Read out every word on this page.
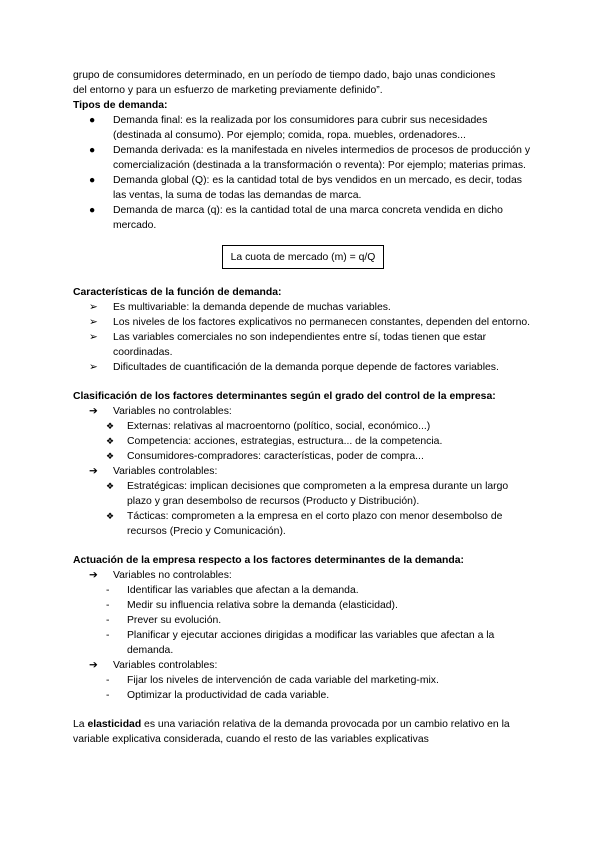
grupo de consumidores determinado, en un período de tiempo dado, bajo unas condiciones
del entorno y para un esfuerzo de marketing previamente definido”.

Tipos de demanda:

● Demanda final: es la realizada por los consumidores para cubrir sus necesidades (destinada al consumo). Por ejemplo; comida, ropa. muebles, ordenadores...
● Demanda derivada: es la manifestada en niveles intermedios de procesos de producción y comercialización (destinada a la transformación o reventa): Por ejemplo; materias primas.
● Demanda global (Q): es la cantidad total de bys vendidos en un mercado, es decir, todas las ventas, la suma de todas las demandas de marca.
● Demanda de marca (q): es la cantidad total de una marca concreta vendida en dicho mercado.
La cuota de mercado (m) = q/Q

Características de la función de demanda:

➢ Es multivariable: la demanda depende de muchas variables.
➢ Los niveles de los factores explicativos no permanecen constantes, dependen del entorno.
➢ Las variables comerciales no son independientes entre sí, todas tienen que estar coordinadas.
➢ Dificultades de cuantificación de la demanda porque depende de factores variables.

Clasificación de los factores determinantes según el grado del control de la empresa:

➔ Variables no controlables:
❖ Externas: relativas al macroentorno (político, social, económico...)
❖ Competencia: acciones, estrategias, estructura... de la competencia.
❖ Consumidores-compradores: características, poder de compra...
➔ Variables controlables:
❖ Estratégicas: implican decisiones que comprometen a la empresa durante un largo plazo y gran desembolso de recursos (Producto y Distribución).
❖ Tácticas: comprometen a la empresa en el corto plazo con menor desembolso de recursos (Precio y Comunicación).

Actuación de la empresa respecto a los factores determinantes de la demanda:

➔ Variables no controlables:
- Identificar las variables que afectan a la demanda.
- Medir su influencia relativa sobre la demanda (elasticidad).
- Prever su evolución.
- Planificar y ejecutar acciones dirigidas a modificar las variables que afectan a la demanda.
➔ Variables controlables:
- Fijar los niveles de intervención de cada variable del marketing-mix.
- Optimizar la productividad de cada variable.

La elasticidad es una variación relativa de la demanda provocada por un cambio relativo en la variable explicativa considerada, cuando el resto de las variables explicativas
